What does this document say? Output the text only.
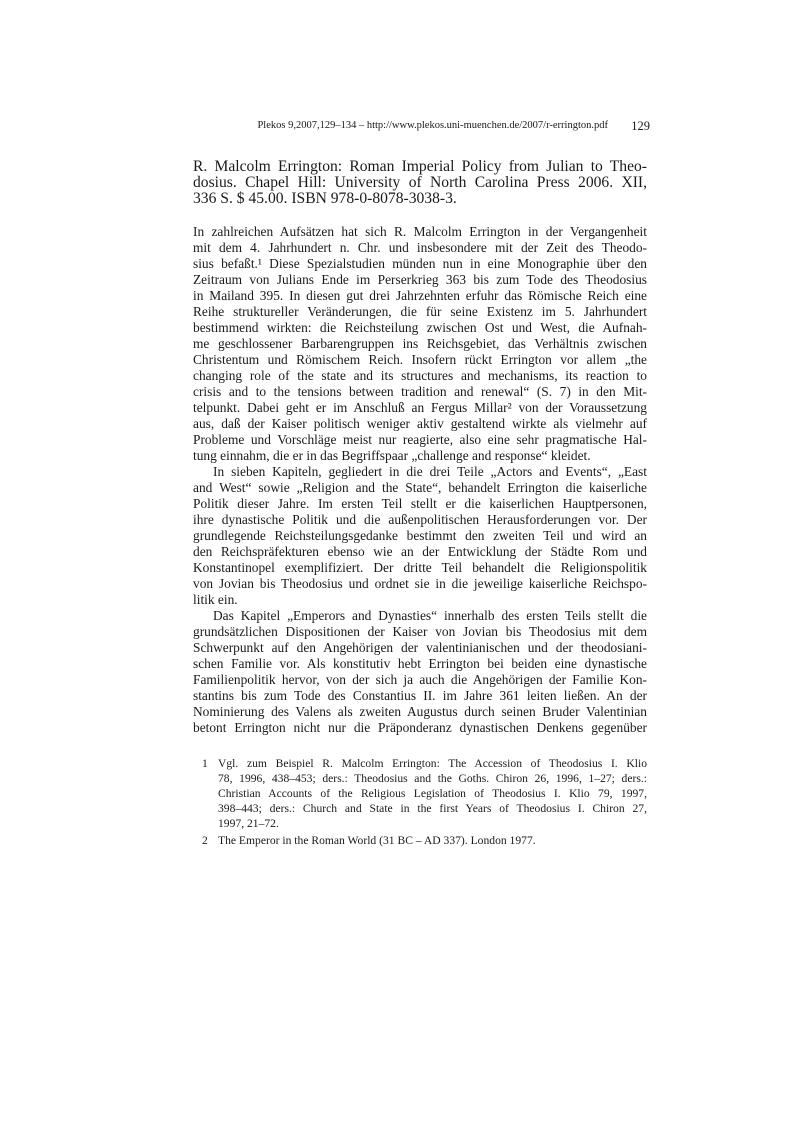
Plekos 9,2007,129–134 – http://www.plekos.uni-muenchen.de/2007/r-errington.pdf 129
R. Malcolm Errington: Roman Imperial Policy from Julian to Theo-
dosius. Chapel Hill: University of North Carolina Press 2006. XII,
336 S. $ 45.00. ISBN 978-0-8078-3038-3.
In zahlreichen Aufsätzen hat sich R. Malcolm Errington in der Vergangenheit
mit dem 4. Jahrhundert n. Chr. und insbesondere mit der Zeit des Theodo-
sius befaßt.¹ Diese Spezialstudien münden nun in eine Monographie über den
Zeitraum von Julians Ende im Perserkrieg 363 bis zum Tode des Theodosius
in Mailand 395. In diesen gut drei Jahrzehnten erfuhr das Römische Reich eine
Reihe struktureller Veränderungen, die für seine Existenz im 5. Jahrhundert
bestimmend wirkten: die Reichsteilung zwischen Ost und West, die Aufnah-
me geschlossener Barbarengruppen ins Reichsgebiet, das Verhältnis zwischen
Christentum und Römischem Reich. Insofern rückt Errington vor allem „the
changing role of the state and its structures and mechanisms, its reaction to
crisis and to the tensions between tradition and renewal“ (S. 7) in den Mit-
telpunkt. Dabei geht er im Anschluß an Fergus Millar² von der Voraussetzung
aus, daß der Kaiser politisch weniger aktiv gestaltend wirkte als vielmehr auf
Probleme und Vorschläge meist nur reagierte, also eine sehr pragmatische Hal-
tung einnahm, die er in das Begriffspaar „challenge and response“ kleidet.
In sieben Kapiteln, gegliedert in die drei Teile „Actors and Events“, „East
and West“ sowie „Religion and the State“, behandelt Errington die kaiserliche
Politik dieser Jahre. Im ersten Teil stellt er die kaiserlichen Hauptpersonen,
ihre dynastische Politik und die außenpolitischen Herausforderungen vor. Der
grundlegende Reichsteilungsgedanke bestimmt den zweiten Teil und wird an
den Reichspräfekturen ebenso wie an der Entwicklung der Städte Rom und
Konstantinopel exemplifiziert. Der dritte Teil behandelt die Religionspolitik
von Jovian bis Theodosius und ordnet sie in die jeweilige kaiserliche Reichspo-
litik ein.
Das Kapitel „Emperors and Dynasties“ innerhalb des ersten Teils stellt die
grundsätzlichen Dispositionen der Kaiser von Jovian bis Theodosius mit dem
Schwerpunkt auf den Angehörigen der valentinianischen und der theodosiani-
schen Familie vor. Als konstitutiv hebt Errington bei beiden eine dynastische
Familienpolitik hervor, von der sich ja auch die Angehörigen der Familie Kon-
stantins bis zum Tode des Constantius II. im Jahre 361 leiten ließen. An der
Nominierung des Valens als zweiten Augustus durch seinen Bruder Valentinian
betont Errington nicht nur die Präponderanz dynastischen Denkens gegenüber
1 Vgl. zum Beispiel R. Malcolm Errington: The Accession of Theodosius I. Klio
78, 1996, 438–453; ders.: Theodosius and the Goths. Chiron 26, 1996, 1–27; ders.:
Christian Accounts of the Religious Legislation of Theodosius I. Klio 79, 1997,
398–443; ders.: Church and State in the first Years of Theodosius I. Chiron 27,
1997, 21–72.
2 The Emperor in the Roman World (31 BC – AD 337). London 1977.
